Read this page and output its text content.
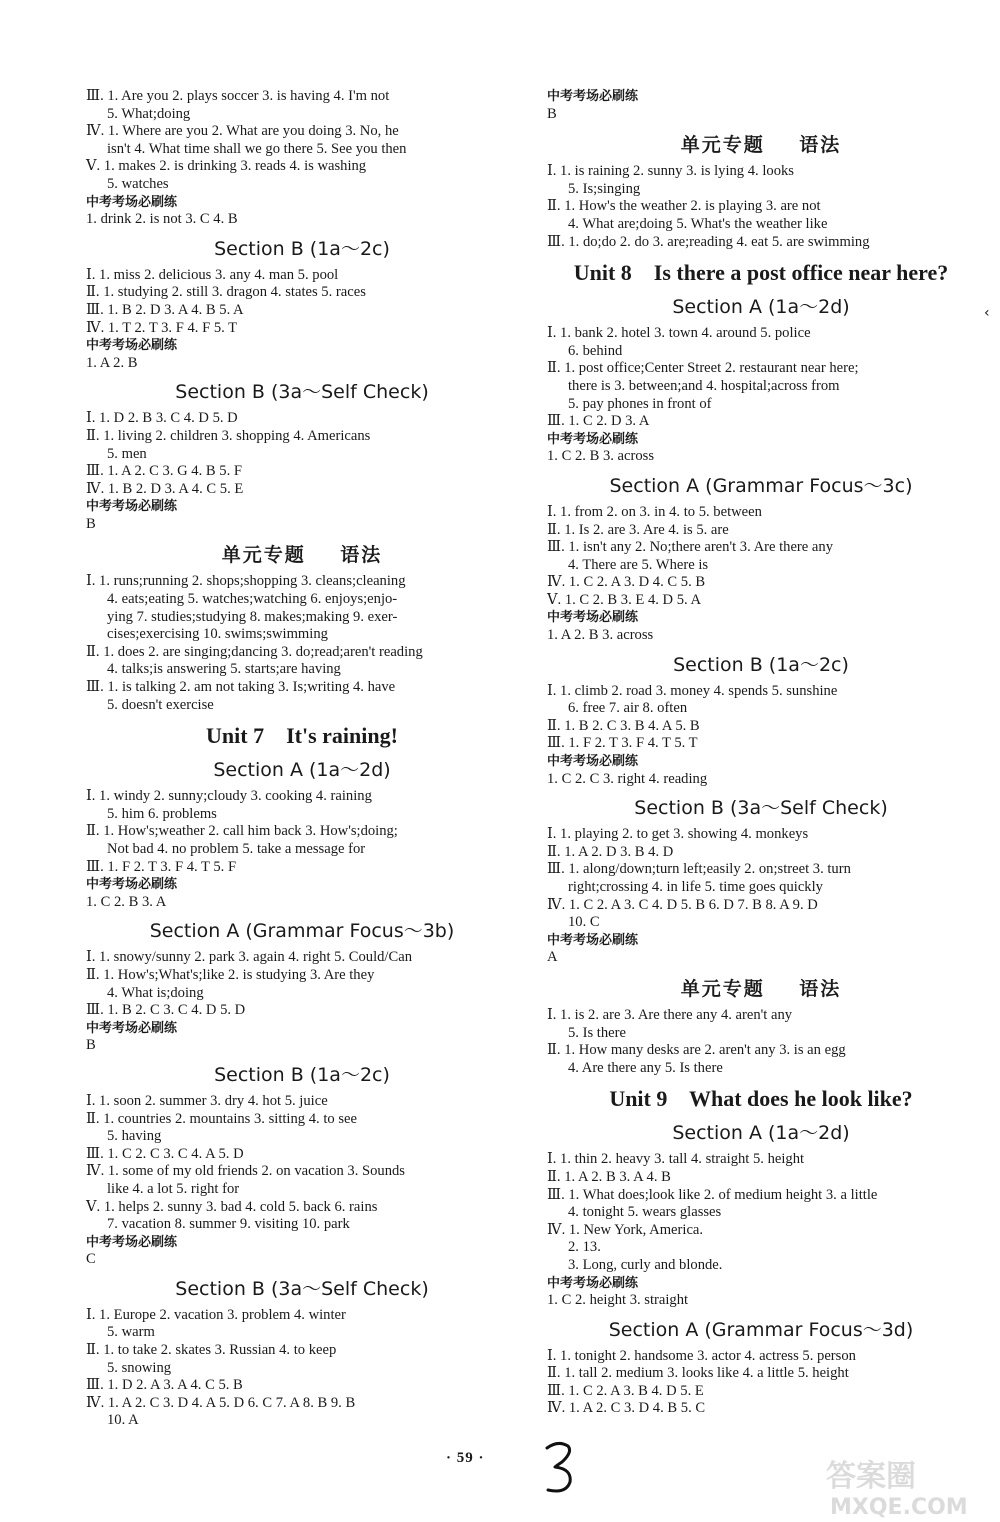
Ⅲ. 1. Are you 2. plays soccer 3. is having 4. I'm not
5. What;doing
Ⅳ. 1. Where are you 2. What are you doing 3. No, he
isn't 4. What time shall we go there 5. See you then
Ⅴ. 1. makes 2. is drinking 3. reads 4. is washing
5. watches
中考考场必刷练
1. drink 2. is not 3. C 4. B
Section B (1a～2c)
Ⅰ. 1. miss 2. delicious 3. any 4. man 5. pool
Ⅱ. 1. studying 2. still 3. dragon 4. states 5. races
Ⅲ. 1. B 2. D 3. A 4. B 5. A
Ⅳ. 1. T 2. T 3. F 4. F 5. T
中考考场必刷练
1. A 2. B
Section B (3a～Self Check)
Ⅰ. 1. D 2. B 3. C 4. D 5. D
Ⅱ. 1. living 2. children 3. shopping 4. Americans
5. men
Ⅲ. 1. A 2. C 3. G 4. B 5. F
Ⅳ. 1. B 2. D 3. A 4. C 5. E
中考考场必刷练
B
单元专题    语法
Ⅰ. 1. runs;running 2. shops;shopping 3. cleans;cleaning
4. eats;eating 5. watches;watching 6. enjoys;enjo-
ying 7. studies;studying 8. makes;making 9. exer-
cises;exercising 10. swims;swimming
Ⅱ. 1. does 2. are singing;dancing 3. do;read;aren't reading
4. talks;is answering 5. starts;are having
Ⅲ. 1. is talking 2. am not taking 3. Is;writing 4. have
5. doesn't exercise
Unit 7    It's raining!
Section A (1a～2d)
Ⅰ. 1. windy 2. sunny;cloudy 3. cooking 4. raining
5. him 6. problems
Ⅱ. 1. How's;weather 2. call him back 3. How's;doing;
Not bad 4. no problem 5. take a message for
Ⅲ. 1. F 2. T 3. F 4. T 5. F
中考考场必刷练
1. C 2. B 3. A
Section A (Grammar Focus～3b)
Ⅰ. 1. snowy/sunny 2. park 3. again 4. right 5. Could/Can
Ⅱ. 1. How's;What's;like 2. is studying 3. Are they
4. What is;doing
Ⅲ. 1. B 2. C 3. C 4. D 5. D
中考考场必刷练
B
Section B (1a～2c)
Ⅰ. 1. soon 2. summer 3. dry 4. hot 5. juice
Ⅱ. 1. countries 2. mountains 3. sitting 4. to see
5. having
Ⅲ. 1. C 2. C 3. C 4. A 5. D
Ⅳ. 1. some of my old friends 2. on vacation 3. Sounds
like 4. a lot 5. right for
Ⅴ. 1. helps 2. sunny 3. bad 4. cold 5. back 6. rains
7. vacation 8. summer 9. visiting 10. park
中考考场必刷练
C
Section B (3a～Self Check)
Ⅰ. 1. Europe 2. vacation 3. problem 4. winter
5. warm
Ⅱ. 1. to take 2. skates 3. Russian 4. to keep
5. snowing
Ⅲ. 1. D 2. A 3. A 4. C 5. B
Ⅳ. 1. A 2. C 3. D 4. A 5. D 6. C 7. A 8. B 9. B
10. A
中考考场必刷练
B
单元专题    语法
Ⅰ. 1. is raining 2. sunny 3. is lying 4. looks
5. Is;singing
Ⅱ. 1. How's the weather 2. is playing 3. are not
4. What are;doing 5. What's the weather like
Ⅲ. 1. do;do 2. do 3. are;reading 4. eat 5. are swimming
Unit 8    Is there a post office near here?
Section A (1a～2d)
Ⅰ. 1. bank 2. hotel 3. town 4. around 5. police
6. behind
Ⅱ. 1. post office;Center Street 2. restaurant near here;
there is 3. between;and 4. hospital;across from
5. pay phones in front of
Ⅲ. 1. C 2. D 3. A
中考考场必刷练
1. C 2. B 3. across
Section A (Grammar Focus～3c)
Ⅰ. 1. from 2. on 3. in 4. to 5. between
Ⅱ. 1. Is 2. are 3. Are 4. is 5. are
Ⅲ. 1. isn't any 2. No;there aren't 3. Are there any
4. There are 5. Where is
Ⅳ. 1. C 2. A 3. D 4. C 5. B
Ⅴ. 1. C 2. B 3. E 4. D 5. A
中考考场必刷练
1. A 2. B 3. across
Section B (1a～2c)
Ⅰ. 1. climb 2. road 3. money 4. spends 5. sunshine
6. free 7. air 8. often
Ⅱ. 1. B 2. C 3. B 4. A 5. B
Ⅲ. 1. F 2. T 3. F 4. T 5. T
中考考场必刷练
1. C 2. C 3. right 4. reading
Section B (3a～Self Check)
Ⅰ. 1. playing 2. to get 3. showing 4. monkeys
Ⅱ. 1. A 2. D 3. B 4. D
Ⅲ. 1. along/down;turn left;easily 2. on;street 3. turn
right;crossing 4. in life 5. time goes quickly
Ⅳ. 1. C 2. A 3. C 4. D 5. B 6. D 7. B 8. A 9. D
10. C
中考考场必刷练
A
单元专题    语法
Ⅰ. 1. is 2. are 3. Are there any 4. aren't any
5. Is there
Ⅱ. 1. How many desks are 2. aren't any 3. is an egg
4. Are there any 5. Is there
Unit 9    What does he look like?
Section A (1a～2d)
Ⅰ. 1. thin 2. heavy 3. tall 4. straight 5. height
Ⅱ. 1. A 2. B 3. A 4. B
Ⅲ. 1. What does;look like 2. of medium height 3. a little
4. tonight 5. wears glasses
Ⅳ. 1. New York, America.
2. 13.
3. Long, curly and blonde.
中考考场必刷练
1. C 2. height 3. straight
Section A (Grammar Focus～3d)
Ⅰ. 1. tonight 2. handsome 3. actor 4. actress 5. person
Ⅱ. 1. tall 2. medium 3. looks like 4. a little 5. height
Ⅲ. 1. C 2. A 3. B 4. D 5. E
Ⅳ. 1. A 2. C 3. D 4. B 5. C
‹
· 59 ·
答案圈
MXQE.COM
